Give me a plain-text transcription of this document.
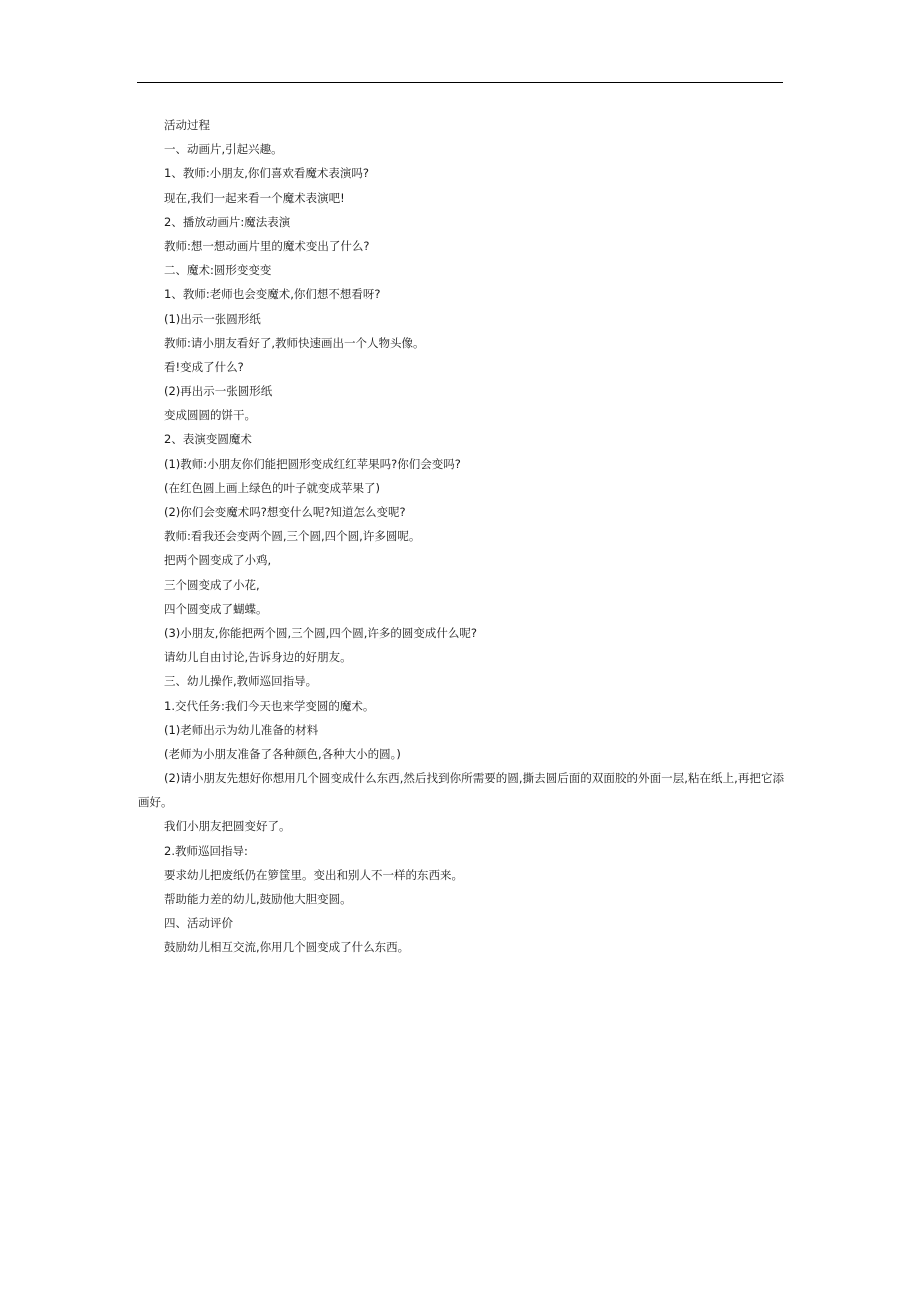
活动过程

一、动画片,引起兴趣。

1、教师:小朋友,你们喜欢看魔术表演吗?

现在,我们一起来看一个魔术表演吧!

2、播放动画片:魔法表演

教师:想一想动画片里的魔术变出了什么?

二、魔术:圆形变变变

1、教师:老师也会变魔术,你们想不想看呀?

(1)出示一张圆形纸

教师:请小朋友看好了,教师快速画出一个人物头像。

看!变成了什么?

(2)再出示一张圆形纸

变成圆圆的饼干。

2、表演变圆魔术

(1)教师:小朋友你们能把圆形变成红红苹果吗?你们会变吗?

(在红色圆上画上绿色的叶子就变成苹果了)

(2)你们会变魔术吗?想变什么呢?知道怎么变呢?

教师:看我还会变两个圆,三个圆,四个圆,许多圆呢。

把两个圆变成了小鸡,

三个圆变成了小花,

四个圆变成了蝴蝶。

(3)小朋友,你能把两个圆,三个圆,四个圆,许多的圆变成什么呢?

请幼儿自由讨论,告诉身边的好朋友。

三、幼儿操作,教师巡回指导。

1.交代任务:我们今天也来学变圆的魔术。

(1)老师出示为幼儿准备的材料

(老师为小朋友准备了各种颜色,各种大小的圆。)

(2)请小朋友先想好你想用几个圆变成什么东西,然后找到你所需要的圆,撕去圆后面的双面胶的外面一层,粘在纸上,再把它添画好。

我们小朋友把圆变好了。

2.教师巡回指导:

要求幼儿把废纸仍在箩筐里。变出和别人不一样的东西来。

帮助能力差的幼儿,鼓励他大胆变圆。

四、活动评价

鼓励幼儿相互交流,你用几个圆变成了什么东西。
